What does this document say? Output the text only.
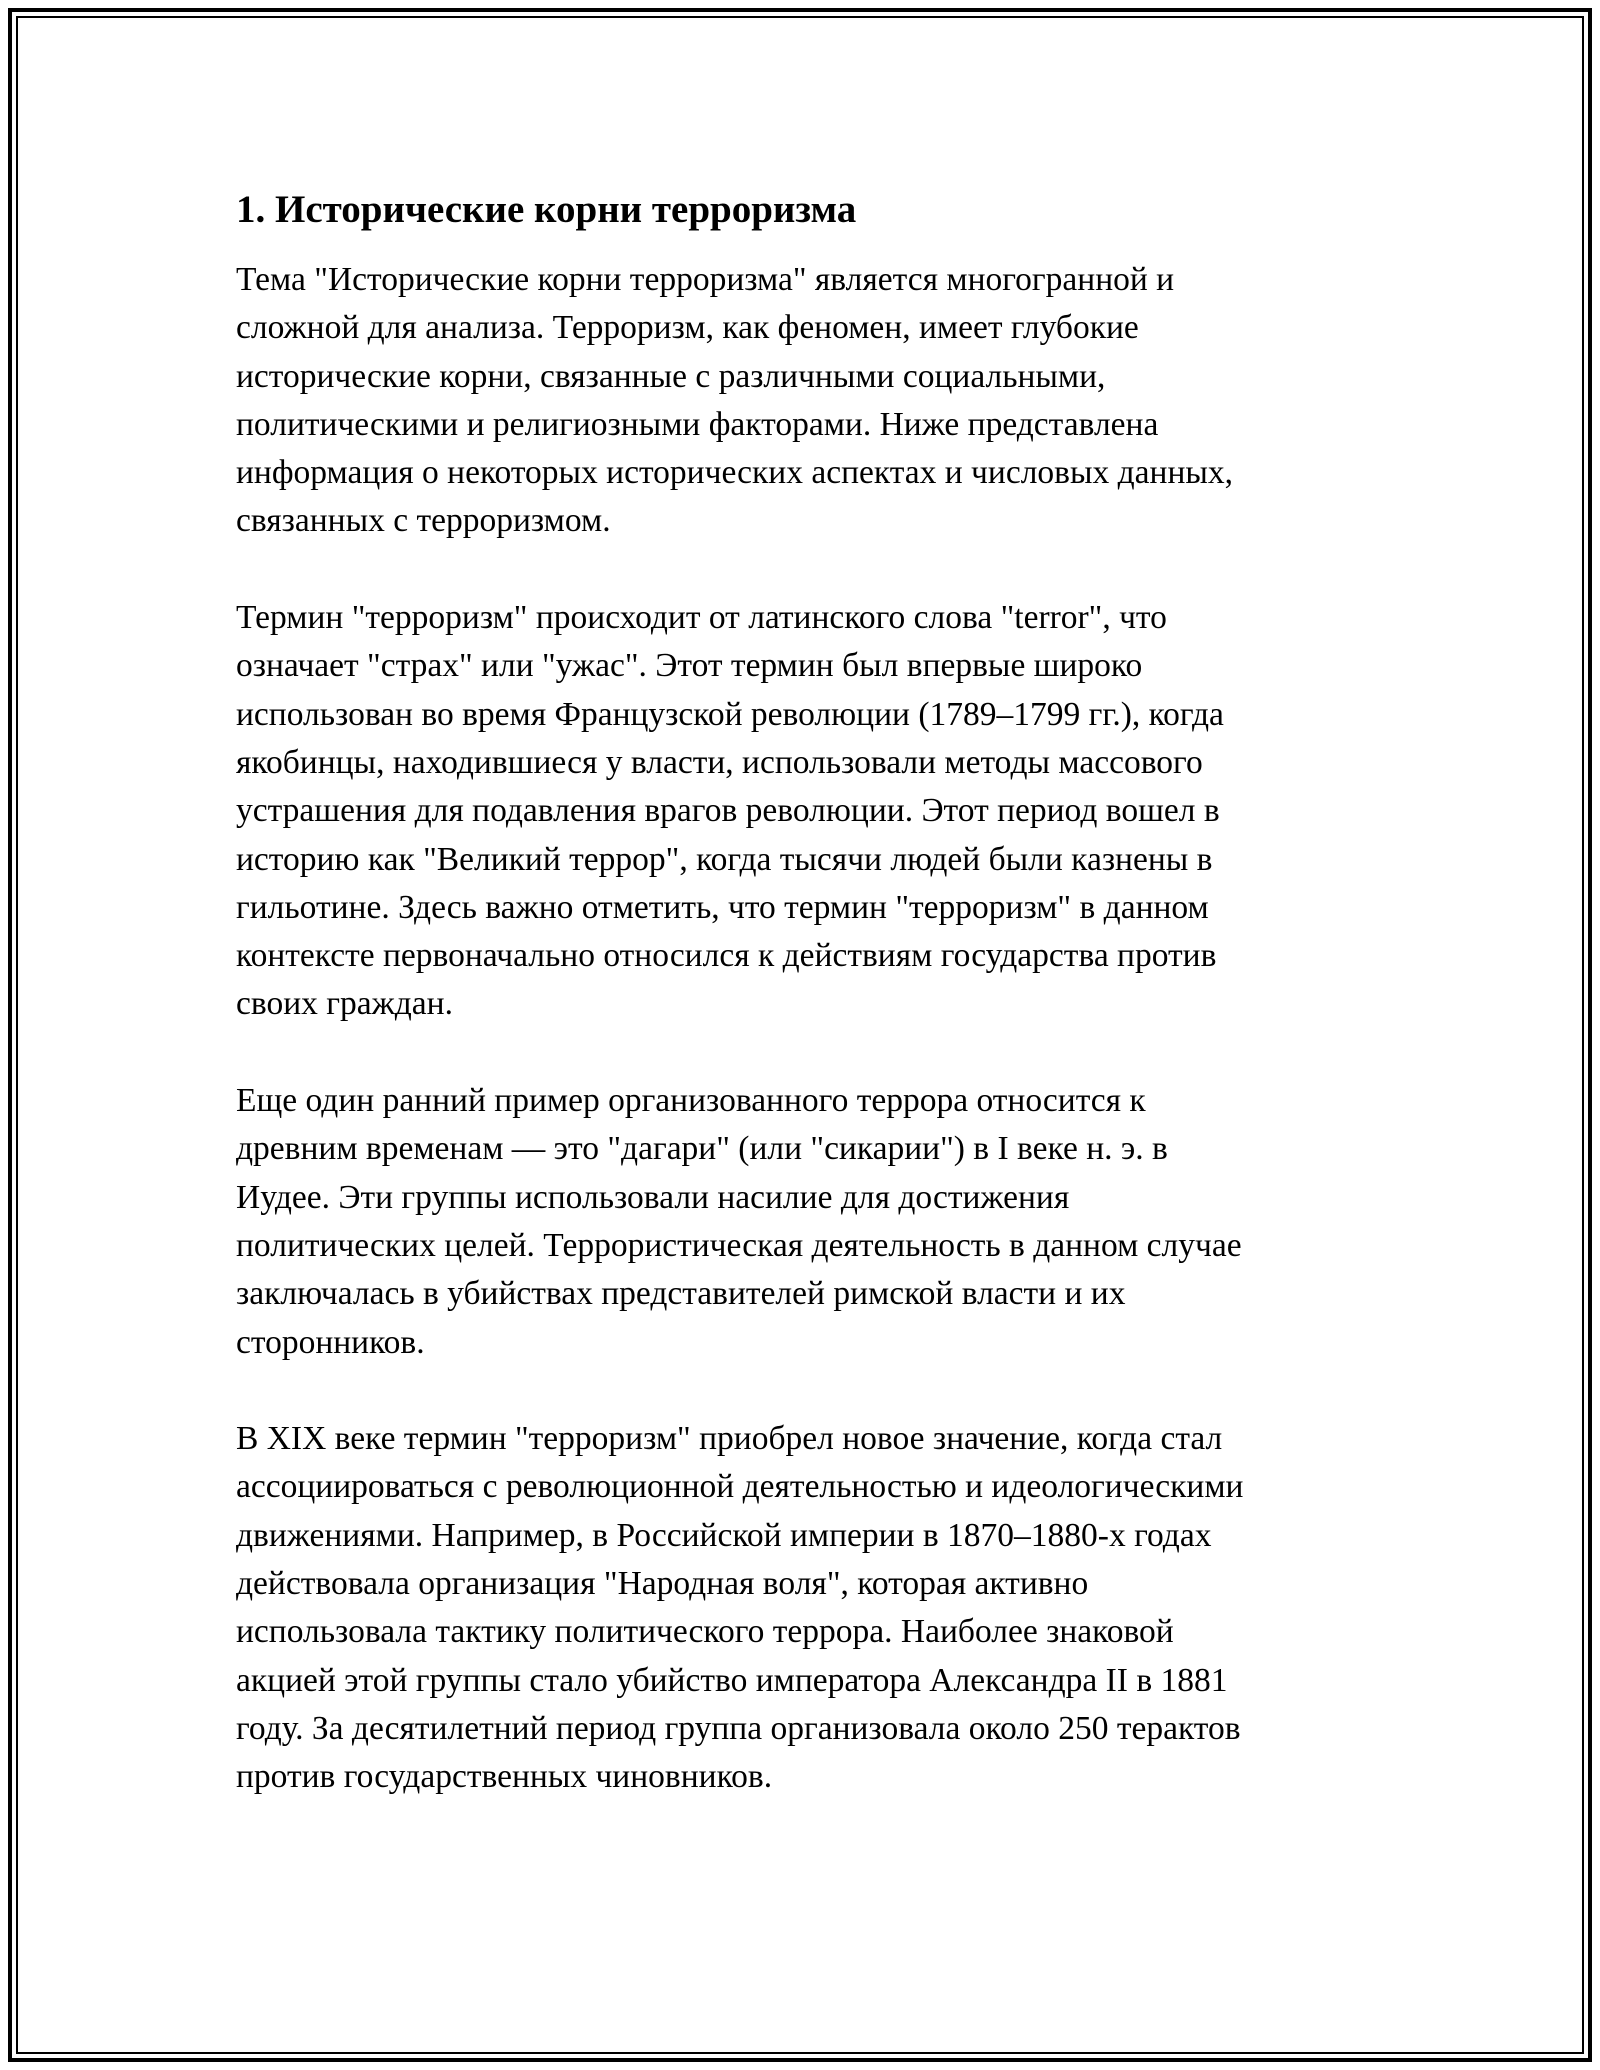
1. Исторические корни терроризма

Тема "Исторические корни терроризма" является многогранной и
сложной для анализа. Терроризм, как феномен, имеет глубокие
исторические корни, связанные с различными социальными,
политическими и религиозными факторами. Ниже представлена
информация о некоторых исторических аспектах и числовых данных,
связанных с терроризмом.

Термин "терроризм" происходит от латинского слова "terror", что
означает "страх" или "ужас". Этот термин был впервые широко
использован во время Французской революции (1789–1799 гг.), когда
якобинцы, находившиеся у власти, использовали методы массового
устрашения для подавления врагов революции. Этот период вошел в
историю как "Великий террор", когда тысячи людей были казнены в
гильотине. Здесь важно отметить, что термин "терроризм" в данном
контексте первоначально относился к действиям государства против
своих граждан.

Еще один ранний пример организованного террора относится к
древним временам — это "дагари" (или "сикарии") в I веке н. э. в
Иудее. Эти группы использовали насилие для достижения
политических целей. Террористическая деятельность в данном случае
заключалась в убийствах представителей римской власти и их
сторонников.

В XIX веке термин "терроризм" приобрел новое значение, когда стал
ассоциироваться с революционной деятельностью и идеологическими
движениями. Например, в Российской империи в 1870–1880-х годах
действовала организация "Народная воля", которая активно
использовала тактику политического террора. Наиболее знаковой
акцией этой группы стало убийство императора Александра II в 1881
году. За десятилетний период группа организовала около 250 терактов
против государственных чиновников.
